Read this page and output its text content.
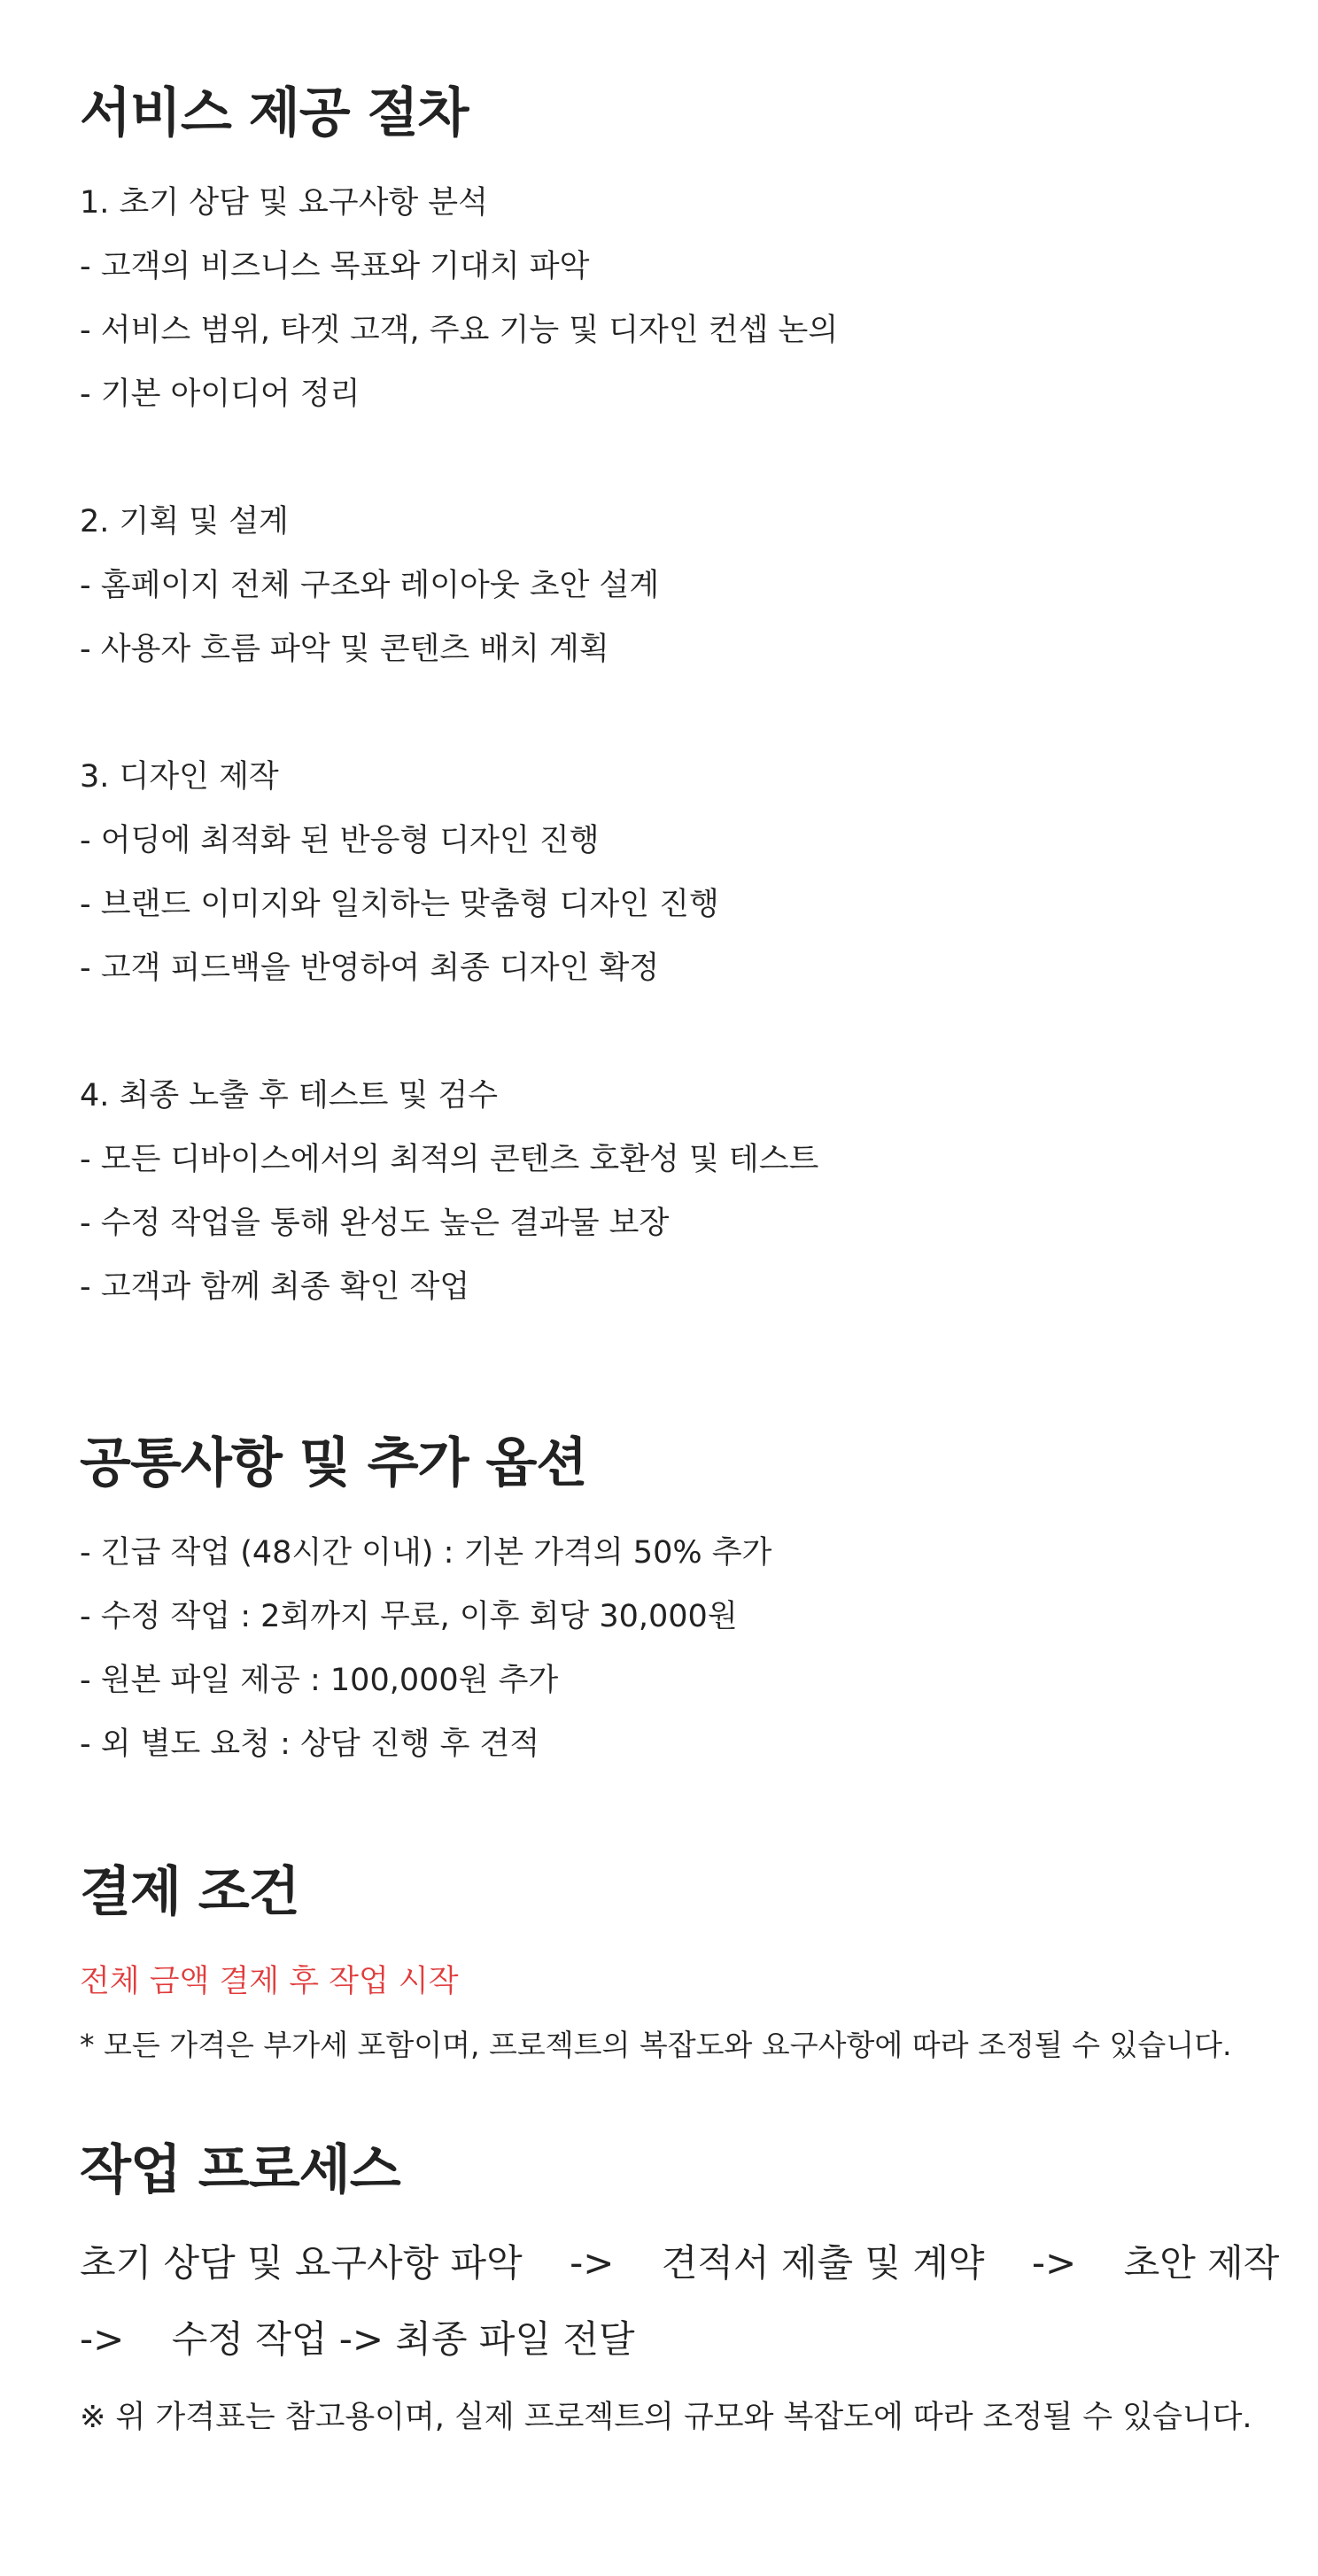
서비스 제공 절차
1. 초기 상담 및 요구사항 분석
- 고객의 비즈니스 목표와 기대치 파악
- 서비스 범위, 타겟 고객, 주요 기능 및 디자인 컨셉 논의
- 기본 아이디어 정리
2. 기획 및 설계
- 홈페이지 전체 구조와 레이아웃 초안 설계
- 사용자 흐름 파악 및 콘텐츠 배치 계획
3. 디자인 제작
- 어딩에 최적화 된 반응형 디자인 진행
- 브랜드 이미지와 일치하는 맞춤형 디자인 진행
- 고객 피드백을 반영하여 최종 디자인 확정
4. 최종 노출 후 테스트 및 검수
- 모든 디바이스에서의 최적의 콘텐츠 호환성 및 테스트
- 수정 작업을 통해 완성도 높은 결과물 보장
- 고객과 함께 최종 확인 작업
공통사항 및 추가 옵션
- 긴급 작업 (48시간 이내) : 기본 가격의 50% 추가
- 수정 작업 : 2회까지 무료, 이후 회당 30,000원
- 원본 파일 제공 : 100,000원 추가
- 외 별도 요청 : 상담 진행 후 견적
결제 조건
전체 금액 결제 후 작업 시작
* 모든 가격은 부가세 포함이며, 프로젝트의 복잡도와 요구사항에 따라 조정될 수 있습니다.
작업 프로세스
초기 상담 및 요구사항 파악    ->    견적서 제출 및 계약    ->    초안 제작
->    수정 작업 -> 최종 파일 전달
※ 위 가격표는 참고용이며, 실제 프로젝트의 규모와 복잡도에 따라 조정될 수 있습니다.
